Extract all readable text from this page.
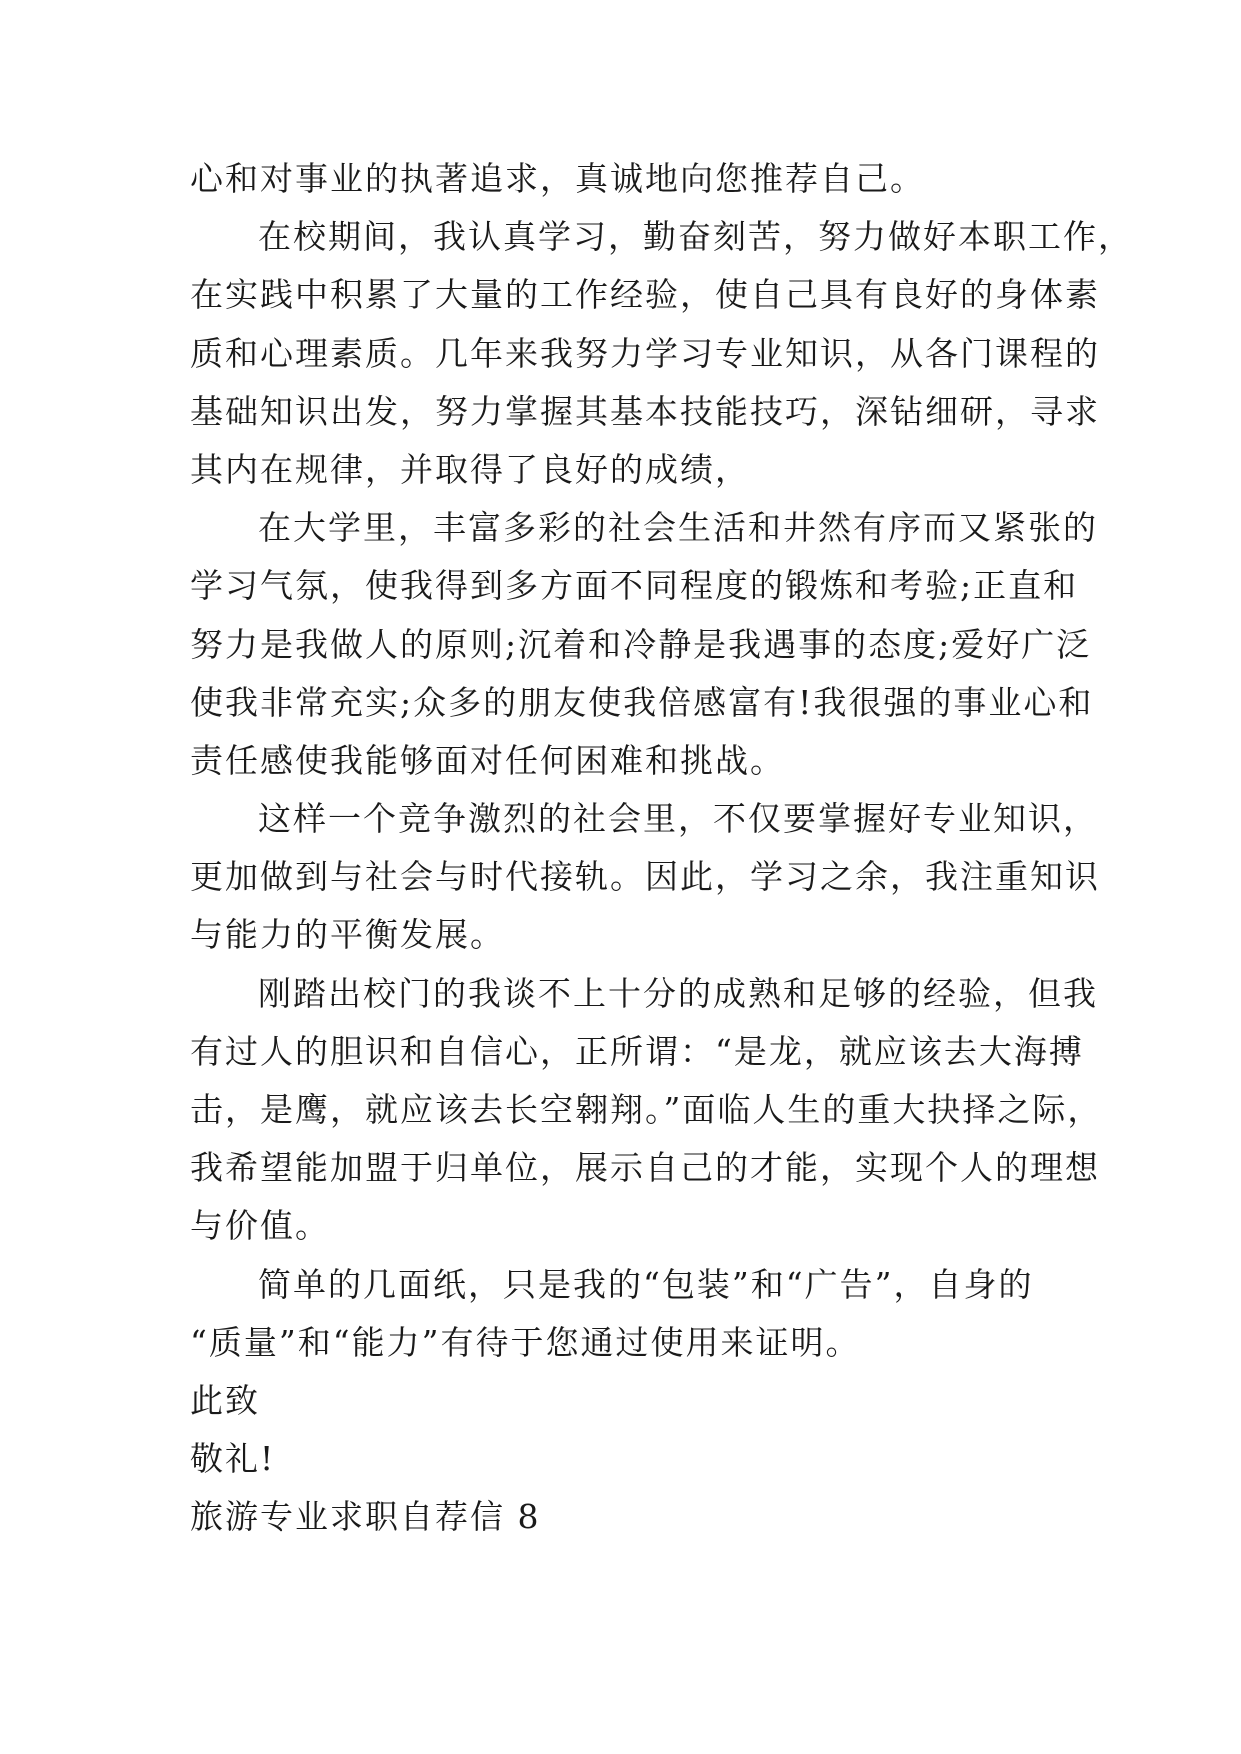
心和对事业的执著追求，真诚地向您推荐自己。
在校期间，我认真学习，勤奋刻苦，努力做好本职工作，
在实践中积累了大量的工作经验，使自己具有良好的身体素
质和心理素质。几年来我努力学习专业知识，从各门课程的
基础知识出发，努力掌握其基本技能技巧，深钻细研，寻求
其内在规律，并取得了良好的成绩，
在大学里，丰富多彩的社会生活和井然有序而又紧张的
学习气氛，使我得到多方面不同程度的锻炼和考验;正直和
努力是我做人的原则;沉着和冷静是我遇事的态度;爱好广泛
使我非常充实;众多的朋友使我倍感富有!我很强的事业心和
责任感使我能够面对任何困难和挑战。
这样一个竞争激烈的社会里，不仅要掌握好专业知识，
更加做到与社会与时代接轨。因此，学习之余，我注重知识
与能力的平衡发展。
刚踏出校门的我谈不上十分的成熟和足够的经验，但我
有过人的胆识和自信心，正所谓：“是龙，就应该去大海搏
击，是鹰，就应该去长空翱翔。”面临人生的重大抉择之际，
我希望能加盟于归单位，展示自己的才能，实现个人的理想
与价值。
简单的几面纸，只是我的“包装”和“广告”，自身的
“质量”和“能力”有待于您通过使用来证明。
此致
敬礼!
旅游专业求职自荐信 8
